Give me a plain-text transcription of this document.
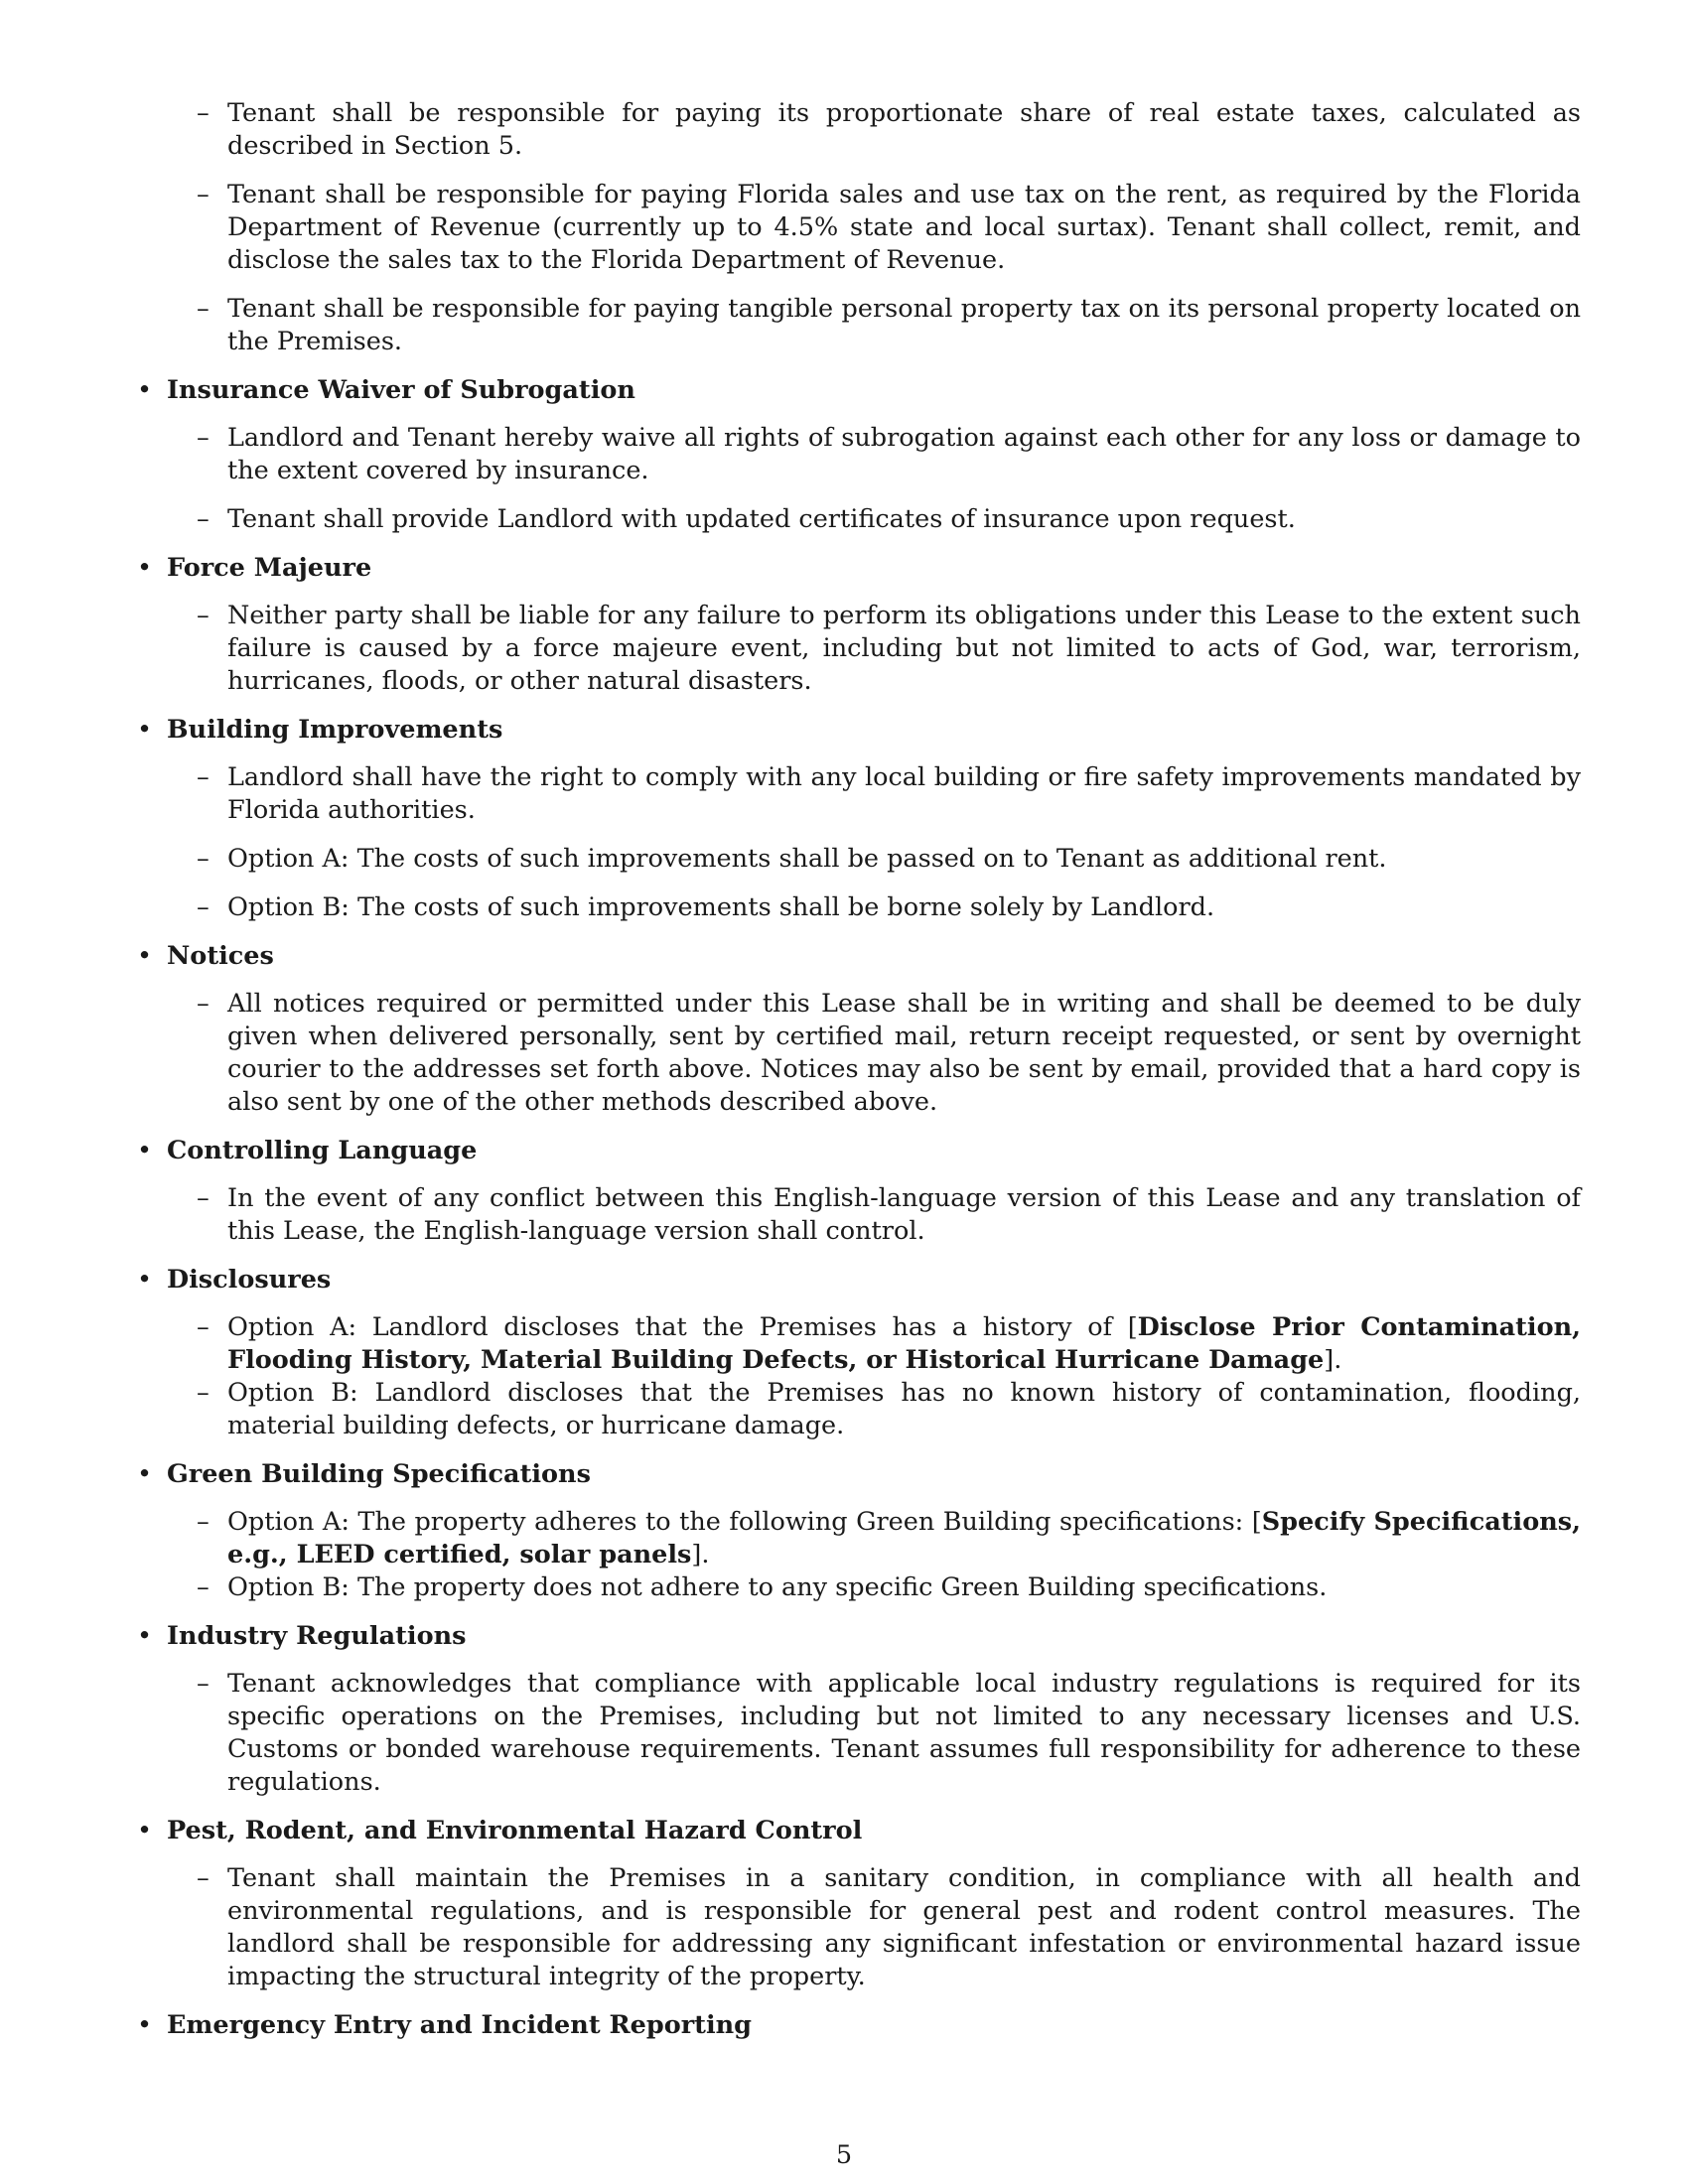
– Tenant shall be responsible for paying its proportionate share of real estate taxes, calculated as described in Section 5.
– Tenant shall be responsible for paying Florida sales and use tax on the rent, as required by the Florida Department of Revenue (currently up to 4.5% state and local surtax). Tenant shall collect, remit, and disclose the sales tax to the Florida Department of Revenue.
– Tenant shall be responsible for paying tangible personal property tax on its personal property located on the Premises.
• Insurance Waiver of Subrogation
– Landlord and Tenant hereby waive all rights of subrogation against each other for any loss or damage to the extent covered by insurance.
– Tenant shall provide Landlord with updated certificates of insurance upon request.
• Force Majeure
– Neither party shall be liable for any failure to perform its obligations under this Lease to the extent such failure is caused by a force majeure event, including but not limited to acts of God, war, terrorism, hurricanes, floods, or other natural disasters.
• Building Improvements
– Landlord shall have the right to comply with any local building or fire safety improvements mandated by Florida authorities.
– Option A: The costs of such improvements shall be passed on to Tenant as additional rent.
– Option B: The costs of such improvements shall be borne solely by Landlord.
• Notices
– All notices required or permitted under this Lease shall be in writing and shall be deemed to be duly given when delivered personally, sent by certified mail, return receipt requested, or sent by overnight courier to the addresses set forth above. Notices may also be sent by email, provided that a hard copy is also sent by one of the other methods described above.
• Controlling Language
– In the event of any conflict between this English-language version of this Lease and any translation of this Lease, the English-language version shall control.
• Disclosures
– Option A: Landlord discloses that the Premises has a history of [Disclose Prior Contamination, Flooding History, Material Building Defects, or Historical Hurricane Damage].
– Option B: Landlord discloses that the Premises has no known history of contamination, flooding, material building defects, or hurricane damage.
• Green Building Specifications
– Option A: The property adheres to the following Green Building specifications: [Specify Specifications, e.g., LEED certified, solar panels].
– Option B: The property does not adhere to any specific Green Building specifications.
• Industry Regulations
– Tenant acknowledges that compliance with applicable local industry regulations is required for its specific operations on the Premises, including but not limited to any necessary licenses and U.S. Customs or bonded warehouse requirements. Tenant assumes full responsibility for adherence to these regulations.
• Pest, Rodent, and Environmental Hazard Control
– Tenant shall maintain the Premises in a sanitary condition, in compliance with all health and environmental regulations, and is responsible for general pest and rodent control measures. The landlord shall be responsible for addressing any significant infestation or environmental hazard issue impacting the structural integrity of the property.
• Emergency Entry and Incident Reporting
5
